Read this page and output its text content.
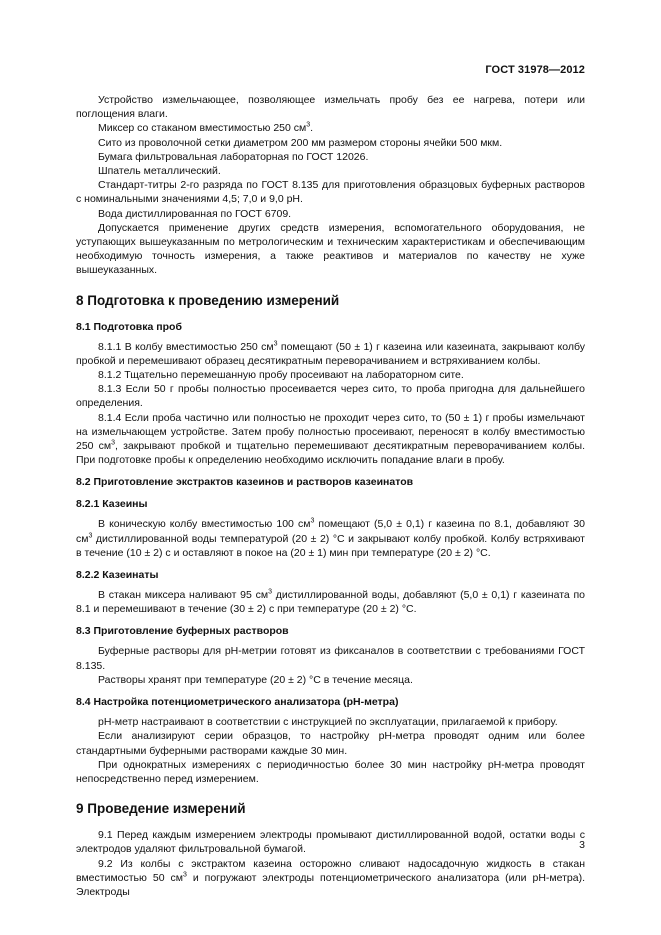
ГОСТ 31978—2012

Устройство измельчающее, позволяющее измельчать пробу без ее нагрева, потери или поглощения влаги.

Миксер со стаканом вместимостью 250 $см^3$.

Сито из проволочной сетки диаметром 200 мм размером стороны ячейки 500 мкм.

Бумага фильтровальная лабораторная по ГОСТ 12026.

Шпатель металлический.

Стандарт-титры 2-го разряда по ГОСТ 8.135 для приготовления образцовых буферных растворов с номинальными значениями 4,5; 7,0 и 9,0 pH.

Вода дистиллированная по ГОСТ 6709.

Допускается применение других средств измерения, вспомогательного оборудования, не уступающих вышеуказанным по метрологическим и техническим характеристикам и обеспечивающим необходимую точность измерения, а также реактивов и материалов по качеству не хуже вышеуказанных.

8 Подготовка к проведению измерений
8.1 Подготовка проб

8.1.1 В колбу вместимостью 250 $см^3$ помещают (50 ± 1) г казеина или казеината, закрывают колбу пробкой и перемешивают образец десятикратным переворачиванием и встряхиванием колбы.

8.1.2 Тщательно перемешанную пробу просеивают на лабораторном сите.

8.1.3 Если 50 г пробы полностью просеивается через сито, то проба пригодна для дальнейшего определения.

8.1.4 Если проба частично или полностью не проходит через сито, то (50 ± 1) г пробы измельчают на измельчающем устройстве. Затем пробу полностью просеивают, переносят в колбу вместимостью 250 $см^3$, закрывают пробкой и тщательно перемешивают десятикратным переворачиванием колбы. При подготовке пробы к определению необходимо исключить попадание влаги в пробу.

8.2 Приготовление экстрактов казеинов и растворов казеинатов
8.2.1 Казеины

В коническую колбу вместимостью 100 $см^3$ помещают (5,0 ± 0,1) г казеина по 8.1, добавляют 30 $см^3$ дистиллированной воды температурой (20 ± 2) °С и закрывают колбу пробкой. Колбу встряхивают в течение (10 ± 2) с и оставляют в покое на (20 ± 1) мин при температуре (20 ± 2) °С.

8.2.2 Казеинаты

В стакан миксера наливают 95 $см^3$ дистиллированной воды, добавляют (5,0 ± 0,1) г казеината по 8.1 и перемешивают в течение (30 ± 2) с при температуре (20 ± 2) °С.

8.3 Приготовление буферных растворов

Буферные растворы для pH-метрии готовят из фиксаналов в соответствии с требованиями ГОСТ 8.135.

Растворы хранят при температуре (20 ± 2) °С в течение месяца.

8.4 Настройка потенциометрического анализатора (pH-метра)

pH-метр настраивают в соответствии с инструкцией по эксплуатации, прилагаемой к прибору.

Если анализируют серии образцов, то настройку pH-метра проводят одним или более стандартными буферными растворами каждые 30 мин.

При однократных измерениях с периодичностью более 30 мин настройку pH-метра проводят непосредственно перед измерением.

9 Проведение измерений

9.1 Перед каждым измерением электроды промывают дистиллированной водой, остатки воды с электродов удаляют фильтровальной бумагой.

9.2 Из колбы с экстрактом казеина осторожно сливают надосадочную жидкость в стакан вместимостью 50 $см^3$ и погружают электроды потенциометрического анализатора (или pH-метра). Электроды

3
